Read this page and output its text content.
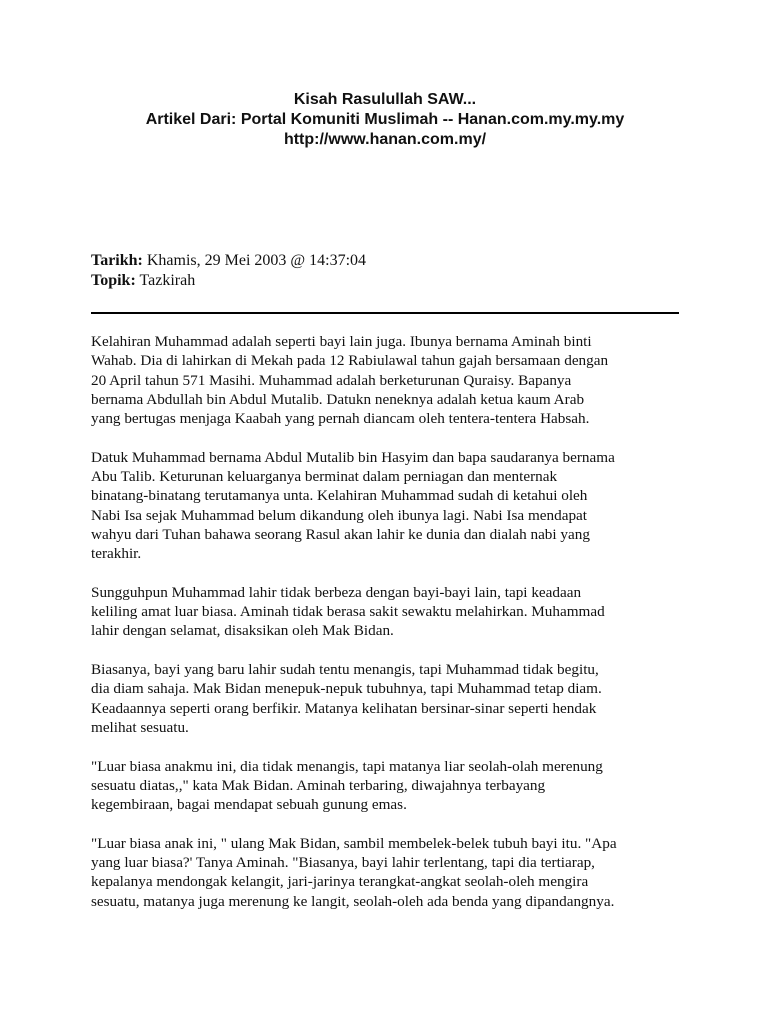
Kisah Rasulullah SAW...
Artikel Dari: Portal Komuniti Muslimah -- Hanan.com.my.my.my
http://www.hanan.com.my/
Tarikh: Khamis, 29 Mei 2003 @ 14:37:04
Topik: Tazkirah

Kelahiran Muhammad adalah seperti bayi lain juga. Ibunya bernama Aminah binti
Wahab. Dia di lahirkan di Mekah pada 12 Rabiulawal tahun gajah bersamaan dengan
20 April tahun 571 Masihi. Muhammad adalah berketurunan Quraisy. Bapanya
bernama Abdullah bin Abdul Mutalib. Datukn neneknya adalah ketua kaum Arab
yang bertugas menjaga Kaabah yang pernah diancam oleh tentera-tentera Habsah.

Datuk Muhammad bernama Abdul Mutalib bin Hasyim dan bapa saudaranya bernama
Abu Talib. Keturunan keluarganya berminat dalam perniagan dan menternak
binatang-binatang terutamanya unta. Kelahiran Muhammad sudah di ketahui oleh
Nabi Isa sejak Muhammad belum dikandung oleh ibunya lagi. Nabi Isa mendapat
wahyu dari Tuhan bahawa seorang Rasul akan lahir ke dunia dan dialah nabi yang
terakhir.

Sungguhpun Muhammad lahir tidak berbeza dengan bayi-bayi lain, tapi keadaan
keliling amat luar biasa. Aminah tidak berasa sakit sewaktu melahirkan. Muhammad
lahir dengan selamat, disaksikan oleh Mak Bidan.

Biasanya, bayi yang baru lahir sudah tentu menangis, tapi Muhammad tidak begitu,
dia diam sahaja. Mak Bidan menepuk-nepuk tubuhnya, tapi Muhammad tetap diam.
Keadaannya seperti orang berfikir. Matanya kelihatan bersinar-sinar seperti hendak
melihat sesuatu.

"Luar biasa anakmu ini, dia tidak menangis, tapi matanya liar seolah-olah merenung
sesuatu diatas,," kata Mak Bidan. Aminah terbaring, diwajahnya terbayang
kegembiraan, bagai mendapat sebuah gunung emas.

"Luar biasa anak ini, " ulang Mak Bidan, sambil membelek-belek tubuh bayi itu. "Apa
yang luar biasa?' Tanya Aminah. "Biasanya, bayi lahir terlentang, tapi dia tertiarap,
kepalanya mendongak kelangit, jari-jarinya terangkat-angkat seolah-oleh mengira
sesuatu, matanya juga merenung ke langit, seolah-oleh ada benda yang dipandangnya.
